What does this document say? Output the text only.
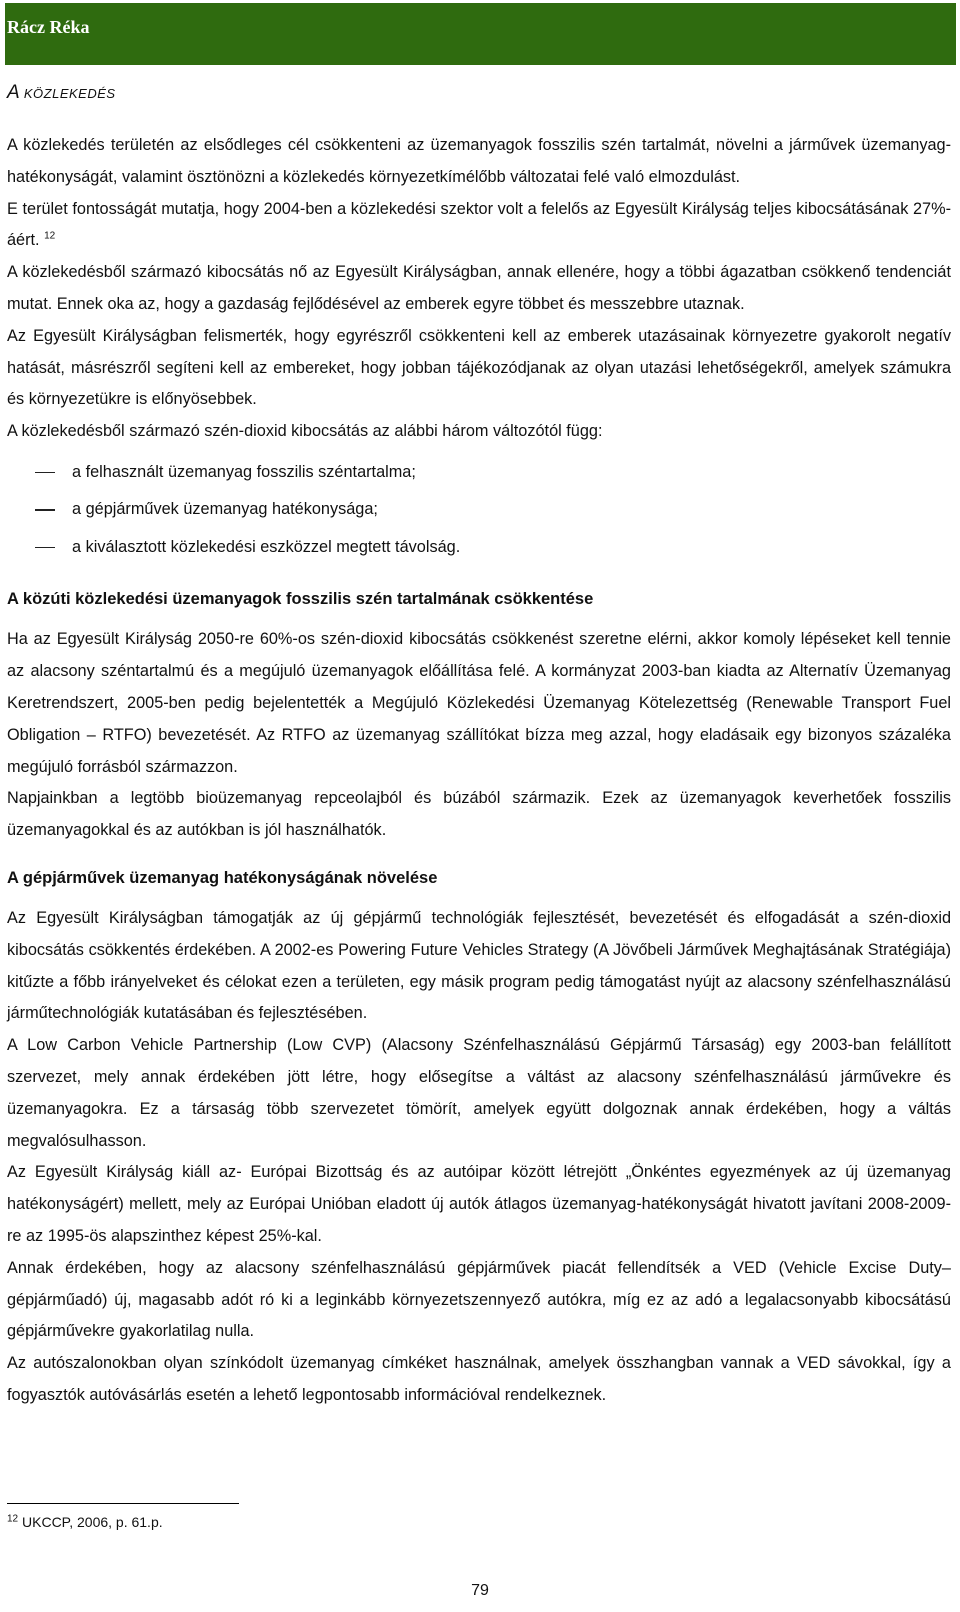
Rácz Réka
A KÖZLEKEDÉS

A közlekedés területén az elsődleges cél csökkenteni az üzemanyagok fosszilis szén tartalmát, növelni a járművek üzemanyag-hatékonyságát, valamint ösztönözni a közlekedés környezetkímélőbb változatai felé való elmozdulást.

E terület fontosságát mutatja, hogy 2004-ben a közlekedési szektor volt a felelős az Egyesült Királyság teljes kibocsátásának 27%-áért. $^{12}$

A közlekedésből származó kibocsátás nő az Egyesült Királyságban, annak ellenére, hogy a többi ágazatban csökkenő tendenciát mutat. Ennek oka az, hogy a gazdaság fejlődésével az emberek egyre többet és messzebbre utaznak.

Az Egyesült Királyságban felismerték, hogy egyrészről csökkenteni kell az emberek utazásainak környezetre gyakorolt negatív hatását, másrészről segíteni kell az embereket, hogy jobban tájékozódjanak az olyan utazási lehetőségekről, amelyek számukra és környezetükre is előnyösebbek.

A közlekedésből származó szén-dioxid kibocsátás az alábbi három változótól függ:

a felhasznált üzemanyag fosszilis széntartalma;
a gépjárművek üzemanyag hatékonysága;
a kiválasztott közlekedési eszközzel megtett távolság.
A közúti közlekedési üzemanyagok fosszilis szén tartalmának csökkentése

Ha az Egyesült Királyság 2050-re 60%-os szén-dioxid kibocsátás csökkenést szeretne elérni, akkor komoly lépéseket kell tennie az alacsony széntartalmú és a megújuló üzemanyagok előállítása felé. A kormányzat 2003-ban kiadta az Alternatív Üzemanyag Keretrendszert, 2005-ben pedig bejelentették a Megújuló Közlekedési Üzemanyag Kötelezettség (Renewable Transport Fuel Obligation – RTFO) bevezetését. Az RTFO az üzemanyag szállítókat bízza meg azzal, hogy eladásaik egy bizonyos százaléka megújuló forrásból származzon.

Napjainkban a legtöbb bioüzemanyag repceolajból és búzából származik. Ezek az üzemanyagok keverhetőek fosszilis üzemanyagokkal és az autókban is jól használhatók.

A gépjárművek üzemanyag hatékonyságának növelése

Az Egyesült Királyságban támogatják az új gépjármű technológiák fejlesztését, bevezetését és elfogadását a szén-dioxid kibocsátás csökkentés érdekében. A 2002-es Powering Future Vehicles Strategy (A Jövőbeli Járművek Meghajtásának Stratégiája) kitűzte a főbb irányelveket és célokat ezen a területen, egy másik program pedig támogatást nyújt az alacsony szénfelhasználású járműtechnológiák kutatásában és fejlesztésében.

A Low Carbon Vehicle Partnership (Low CVP) (Alacsony Szénfelhasználású Gépjármű Társaság) egy 2003-ban felállított szervezet, mely annak érdekében jött létre, hogy elősegítse a váltást az alacsony szénfelhasználású járművekre és üzemanyagokra. Ez a társaság több szervezetet tömörít, amelyek együtt dolgoznak annak érdekében, hogy a váltás megvalósulhasson.

Az Egyesült Királyság kiáll az- Európai Bizottság és az autóipar között létrejött „Önkéntes egyezmények az új üzemanyag hatékonyságért) mellett, mely az Európai Unióban eladott új autók átlagos üzemanyag-hatékonyságát hivatott javítani 2008-2009-re az 1995-ös alapszinthez képest 25%-kal.

Annak érdekében, hogy az alacsony szénfelhasználású gépjárművek piacát fellendítsék a VED (Vehicle Excise Duty–gépjárműadó) új, magasabb adót ró ki a leginkább környezetszennyező autókra, míg ez az adó a legalacsonyabb kibocsátású gépjárművekre gyakorlatilag nulla.

Az autószalonokban olyan színkódolt üzemanyag címkéket használnak, amelyek összhangban vannak a VED sávokkal, így a fogyasztók autóvásárlás esetén a lehető legpontosabb információval rendelkeznek.

$^{12}$ UKCCP, 2006, p. 61.p.
79
